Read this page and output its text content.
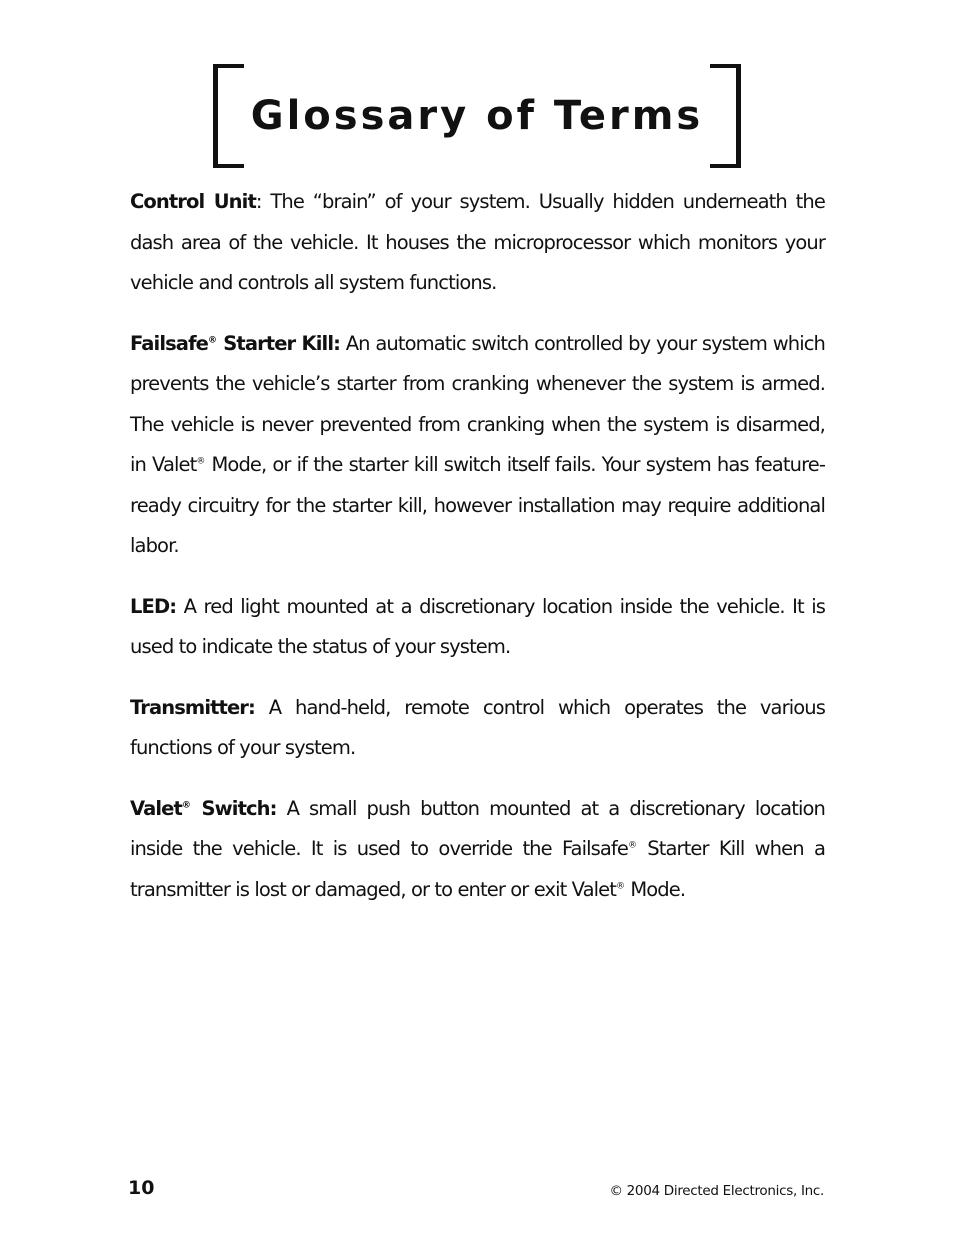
Glossary of Terms

Control Unit: The “brain” of your system. Usually hidden underneath the dash area of the vehicle. It houses the microprocessor which monitors your vehicle and controls all system functions.

Failsafe® Starter Kill: An automatic switch controlled by your system which prevents the vehicle’s starter from cranking whenever the system is armed. The vehicle is never prevented from cranking when the system is disarmed, in Valet® Mode, or if the starter kill switch itself fails. Your system has feature-ready circuitry for the starter kill, however installation may require additional labor.

LED: A red light mounted at a discretionary location inside the vehicle. It is used to indicate the status of your system.

Transmitter: A hand-held, remote control which operates the various functions of your system.

Valet® Switch: A small push button mounted at a discretionary location inside the vehicle. It is used to override the Failsafe® Starter Kill when a transmitter is lost or damaged, or to enter or exit Valet® Mode.

10	© 2004 Directed Electronics, Inc.
